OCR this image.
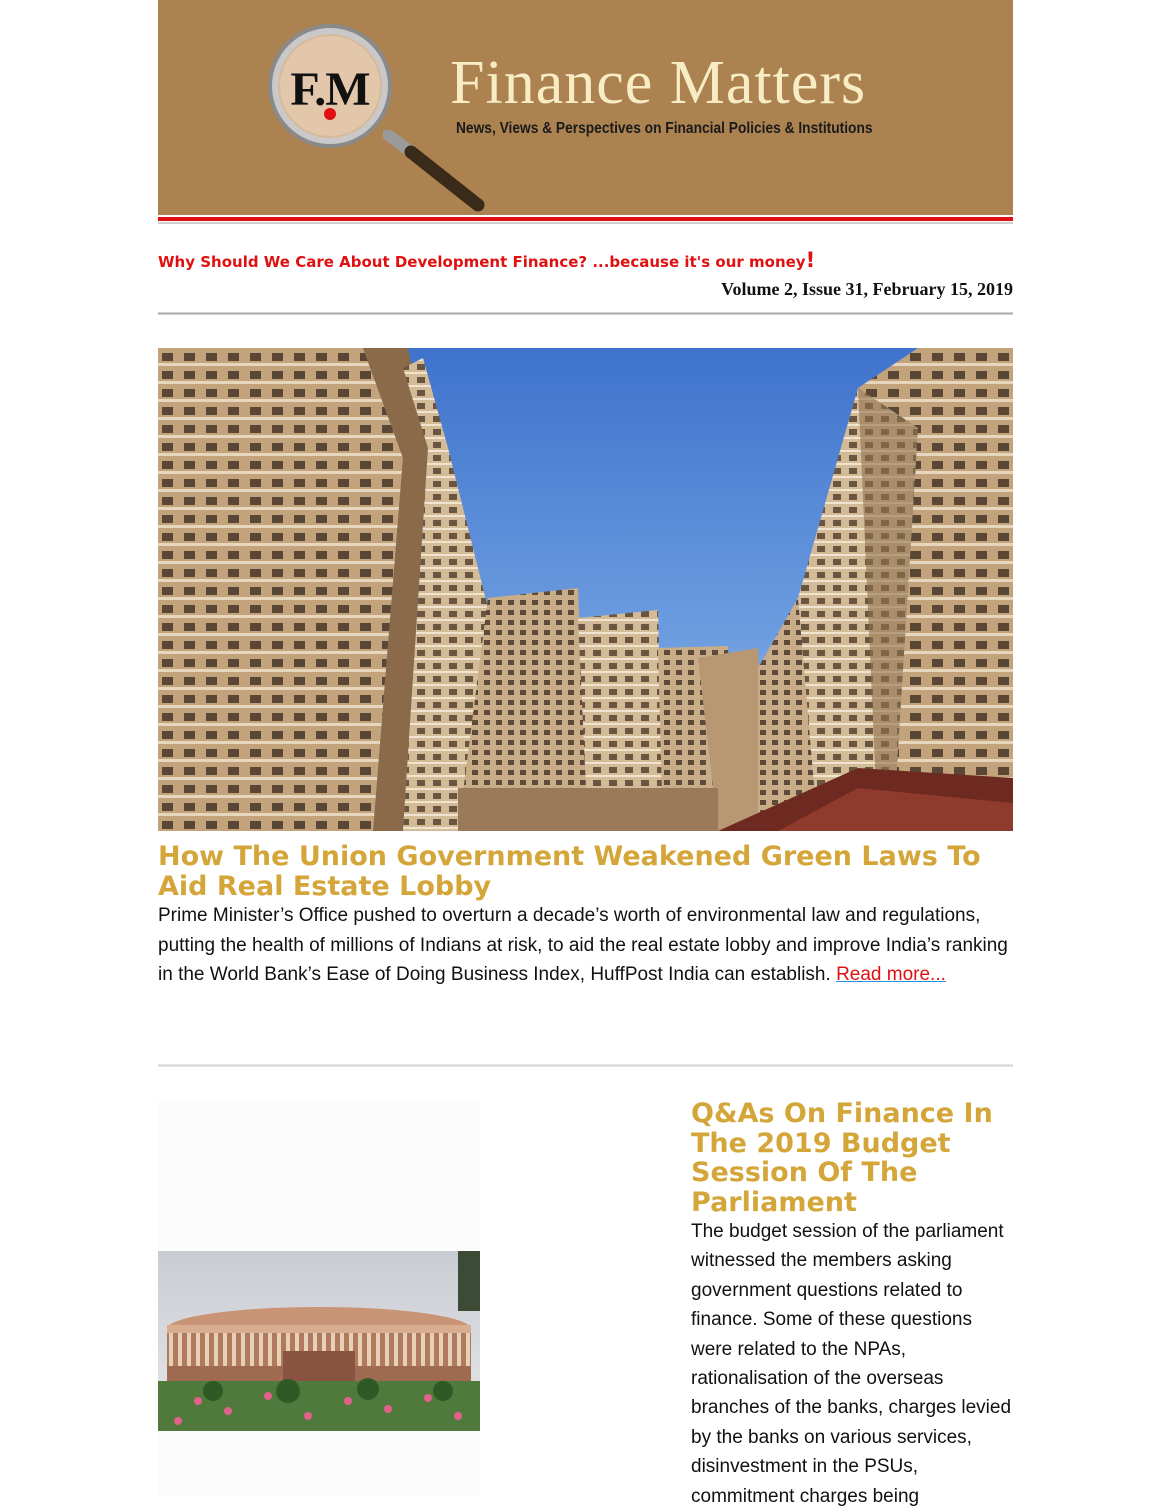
F.M Finance Matters
News, Views & Perspectives on Financial Policies & Institutions
Why Should We Care About Development Finance? ...because it's our money!
Volume 2, Issue 31, February 15, 2019
How The Union Government Weakened Green Laws To Aid Real Estate Lobby
Prime Minister’s Office pushed to overturn a decade’s worth of environmental law and regulations, putting the health of millions of Indians at risk, to aid the real estate lobby and improve India’s ranking in the World Bank’s Ease of Doing Business Index, HuffPost India can establish. Read more...
Q&As On Finance In The 2019 Budget Session Of The Parliament
The budget session of the parliament witnessed the members asking government questions related to finance. Some of these questions were related to the NPAs, rationalisation of the overseas branches of the banks, charges levied by the banks on various services, disinvestment in the PSUs, commitment charges being
